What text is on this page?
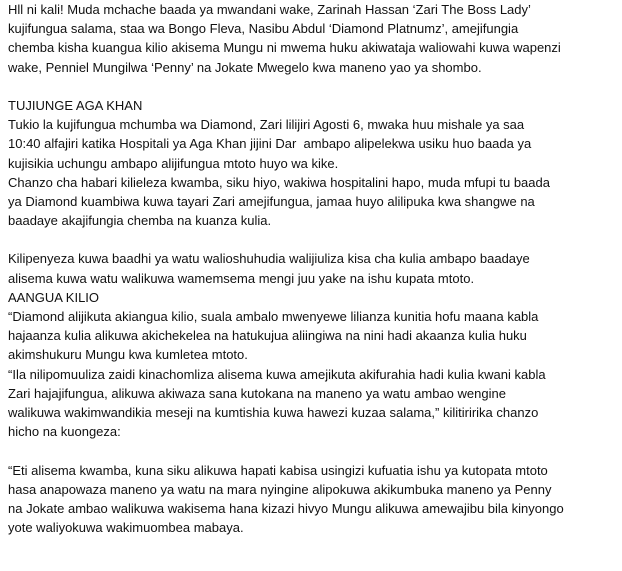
Hll ni kali! Muda mchache baada ya mwandani wake, Zarinah Hassan ‘Zari The Boss Lady’
kujifungua salama, staa wa Bongo Fleva, Nasibu Abdul ‘Diamond Platnumz’, amejifungia
chemba kisha kuangua kilio akisema Mungu ni mwema huku akiwataja waliowahi kuwa wapenzi
wake, Penniel Mungilwa ‘Penny’ na Jokate Mwegelo kwa maneno yao ya shombo.
TUJIUNGE AGA KHAN
Tukio la kujifungua mchumba wa Diamond, Zari lilijiri Agosti 6, mwaka huu mishale ya saa
10:40 alfajiri katika Hospitali ya Aga Khan jijini Dar  ambapo alipelekwa usiku huo baada ya
kujisikia uchungu ambapo alijifungua mtoto huyo wa kike.
Chanzo cha habari kilieleza kwamba, siku hiyo, wakiwa hospitalini hapo, muda mfupi tu baada
ya Diamond kuambiwa kuwa tayari Zari amejifungua, jamaa huyo alilipuka kwa shangwe na
baadaye akajifungia chemba na kuanza kulia.
Kilipenyeza kuwa baadhi ya watu walioshuhudia walijiuliza kisa cha kulia ambapo baadaye
alisema kuwa watu walikuwa wamemsema mengi juu yake na ishu kupata mtoto.
AANGUA KILIO
“Diamond alijikuta akiangua kilio, suala ambalo mwenyewe lilianza kunitia hofu maana kabla
hajaanza kulia alikuwa akichekelea na hatukujua aliingiwa na nini hadi akaanza kulia huku
akimshukuru Mungu kwa kumletea mtoto.
“Ila nilipomuuliza zaidi kinachomliza alisema kuwa amejikuta akifurahia hadi kulia kwani kabla
Zari hajajifungua, alikuwa akiwaza sana kutokana na maneno ya watu ambao wengine
walikuwa wakimwandikia meseji na kumtishia kuwa hawezi kuzaa salama,” kilitiririka chanzo
hicho na kuongeza:
“Eti alisema kwamba, kuna siku alikuwa hapati kabisa usingizi kufuatia ishu ya kutopata mtoto
hasa anapowaza maneno ya watu na mara nyingine alipokuwa akikumbuka maneno ya Penny
na Jokate ambao walikuwa wakisema hana kizazi hivyo Mungu alikuwa amewajibu bila kinyongo
yote waliyokuwa wakimuombea mabaya.
